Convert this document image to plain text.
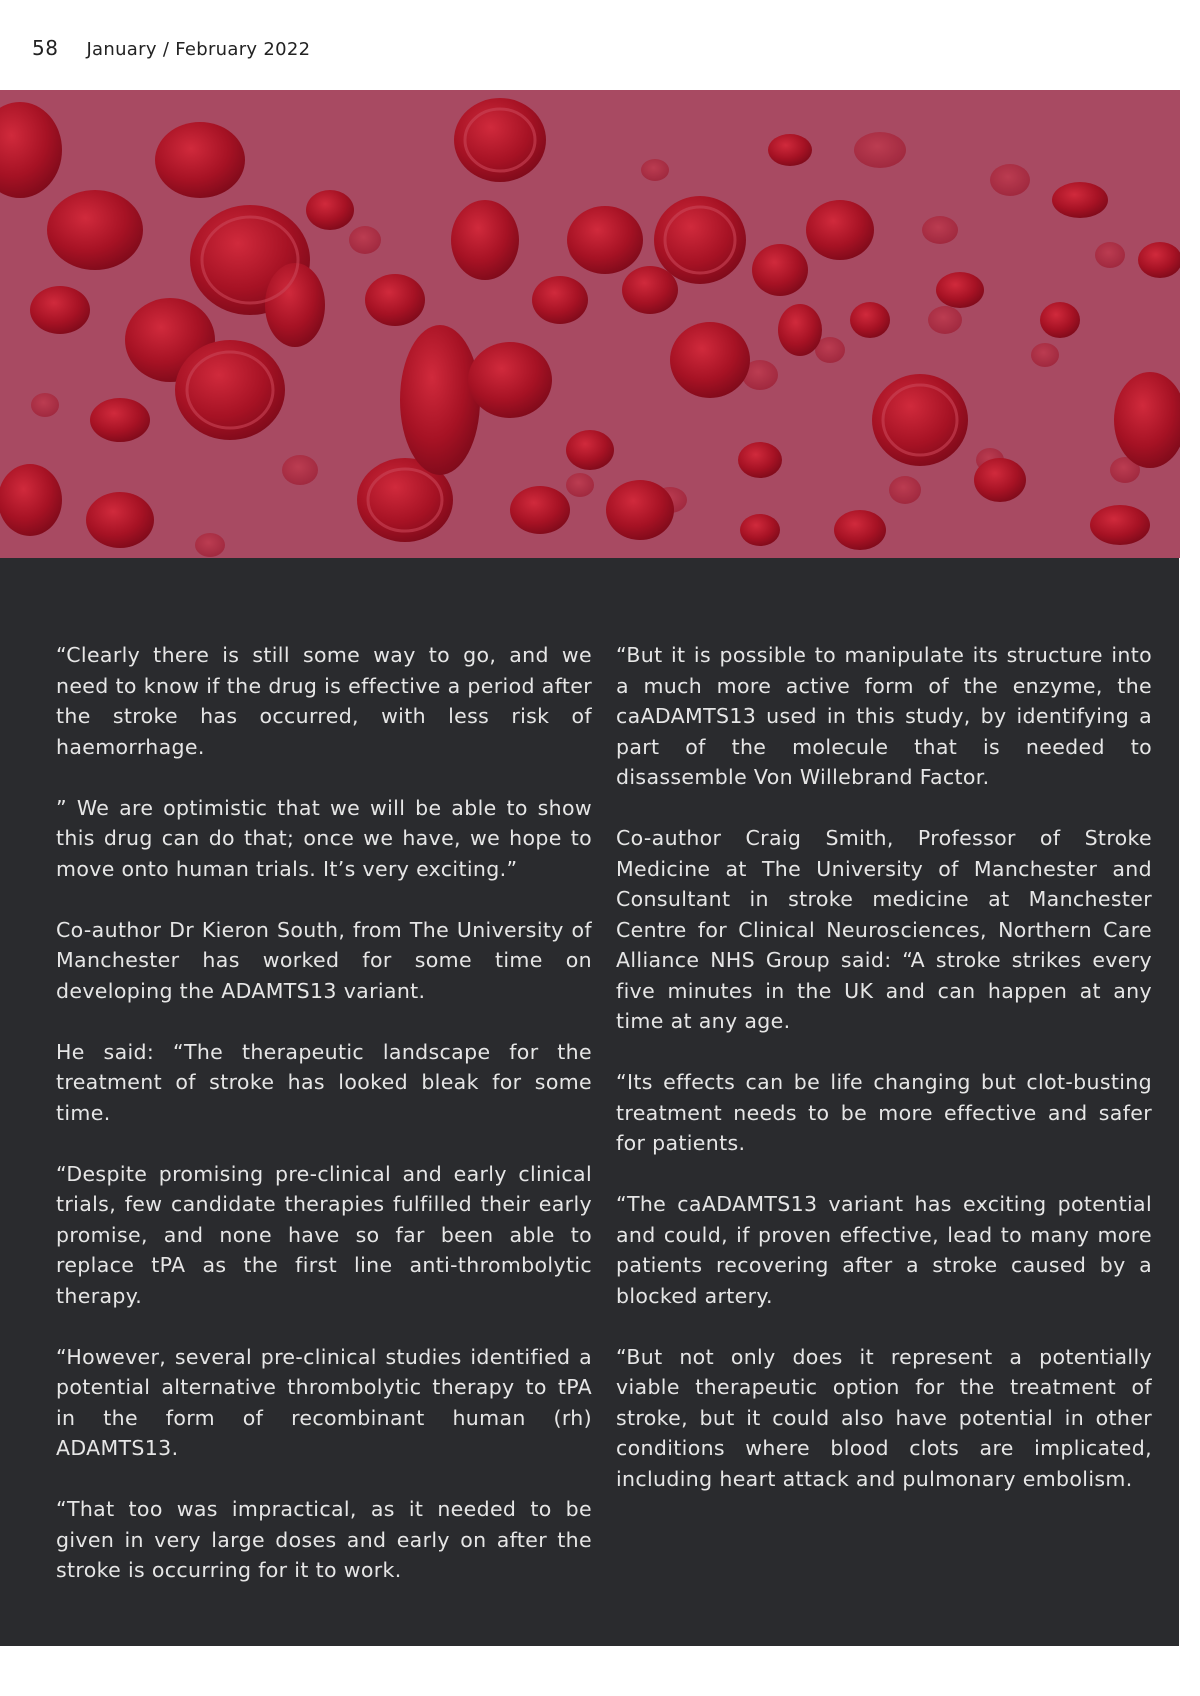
58 January / February 2022

“Clearly there is still some way to go, and we need to know if the drug is effective a period after the stroke has occurred, with less risk of haemorrhage.

” We are optimistic that we will be able to show this drug can do that; once we have, we hope to move onto human trials. It’s very exciting.”

Co-author Dr Kieron South, from The University of Manchester has worked for some time on developing the ADAMTS13 variant.

He said: “The therapeutic landscape for the treatment of stroke has looked bleak for some time.

“Despite promising pre-clinical and early clinical trials, few candidate therapies fulfilled their early promise, and none have so far been able to replace tPA as the first line anti-thrombolytic therapy.

“However, several pre-clinical studies identified a potential alternative thrombolytic therapy to tPA in the form of recombinant human (rh) ADAMTS13.

“That too was impractical, as it needed to be given in very large doses and early on after the stroke is occurring for it to work.

“But it is possible to manipulate its structure into a much more active form of the enzyme, the caADAMTS13 used in this study, by identifying a part of the molecule that is needed to disassemble Von Willebrand Factor.

Co-author Craig Smith, Professor of Stroke Medicine at The University of Manchester and Consultant in stroke medicine at Manchester Centre for Clinical Neurosciences, Northern Care Alliance NHS Group said: “A stroke strikes every five minutes in the UK and can happen at any time at any age.

“Its effects can be life changing but clot-busting treatment needs to be more effective and safer for patients.

“The caADAMTS13 variant has exciting potential and could, if proven effective, lead to many more patients recovering after a stroke caused by a blocked artery.

“But not only does it represent a potentially viable therapeutic option for the treatment of stroke, but it could also have potential in other conditions where blood clots are implicated, including heart attack and pulmonary embolism.
